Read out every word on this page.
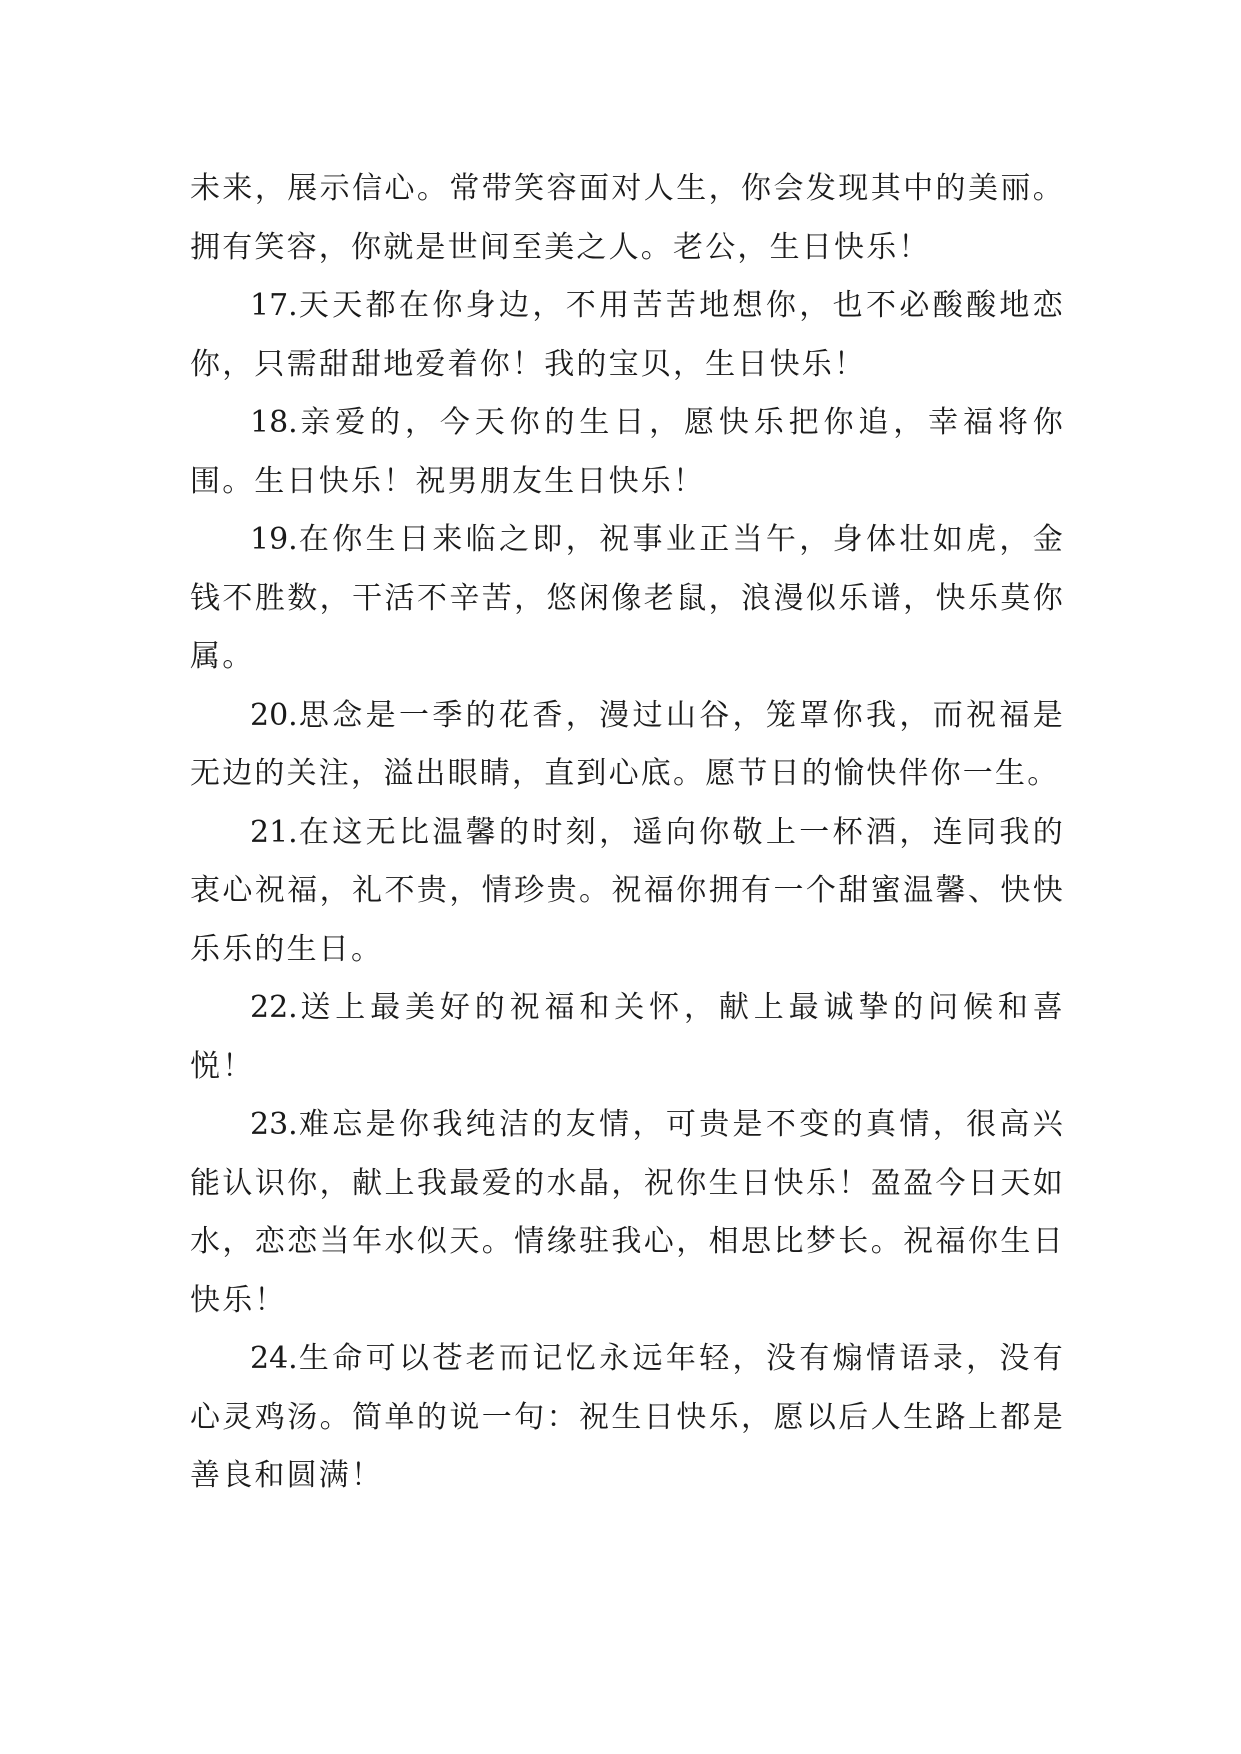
未来，展示信心。常带笑容面对人生，你会发现其中的美丽。拥有笑容，你就是世间至美之人。老公，生日快乐！

17.天天都在你身边，不用苦苦地想你，也不必酸酸地恋你，只需甜甜地爱着你！我的宝贝，生日快乐！

18.亲爱的，今天你的生日，愿快乐把你追，幸福将你围。生日快乐！祝男朋友生日快乐！

19.在你生日来临之即，祝事业正当午，身体壮如虎，金钱不胜数，干活不辛苦，悠闲像老鼠，浪漫似乐谱，快乐莫你属。

20.思念是一季的花香，漫过山谷，笼罩你我，而祝福是无边的关注，溢出眼睛，直到心底。愿节日的愉快伴你一生。

21.在这无比温馨的时刻，遥向你敬上一杯酒，连同我的衷心祝福，礼不贵，情珍贵。祝福你拥有一个甜蜜温馨、快快乐乐的生日。

22.送上最美好的祝福和关怀，献上最诚挚的问候和喜悦！

23.难忘是你我纯洁的友情，可贵是不变的真情，很高兴能认识你，献上我最爱的水晶，祝你生日快乐！盈盈今日天如水，恋恋当年水似天。情缘驻我心，相思比梦长。祝福你生日快乐！

24.生命可以苍老而记忆永远年轻，没有煽情语录，没有心灵鸡汤。简单的说一句：祝生日快乐，愿以后人生路上都是善良和圆满！
